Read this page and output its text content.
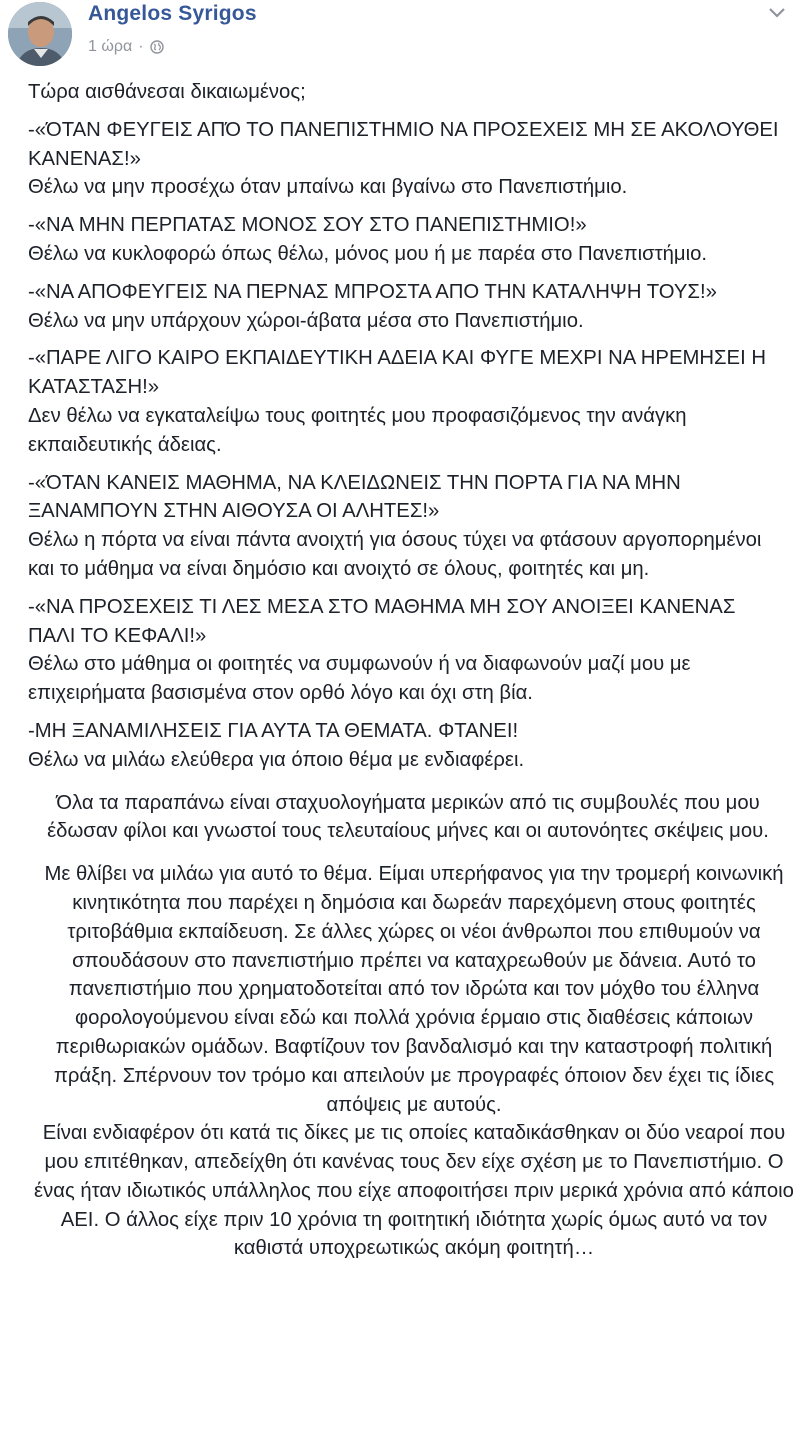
Angelos Syrigos
1 ώρα ·

Τώρα αισθάνεσαι δικαιωμένος;

-«ΌΤΑΝ ΦΕΥΓΕΙΣ ΑΠΌ ΤΟ ΠΑΝΕΠΙΣΤΗΜΙΟ ΝΑ ΠΡΟΣΕΧΕΙΣ ΜΗ ΣΕ ΑΚΟΛΟΥΘΕΙ ΚΑΝΕΝΑΣ!»

Θέλω να μην προσέχω όταν μπαίνω και βγαίνω στο Πανεπιστήμιο.

-«ΝΑ ΜΗΝ ΠΕΡΠΑΤΑΣ ΜΟΝΟΣ ΣΟΥ ΣΤΟ ΠΑΝΕΠΙΣΤΗΜΙΟ!»

Θέλω να κυκλοφορώ όπως θέλω, μόνος μου ή με παρέα στο Πανεπιστήμιο.

-«ΝΑ ΑΠΟΦΕΥΓΕΙΣ ΝΑ ΠΕΡΝΑΣ ΜΠΡΟΣΤΑ ΑΠΟ ΤΗΝ ΚΑΤΑΛΗΨΗ ΤΟΥΣ!»

Θέλω να μην υπάρχουν χώροι-άβατα μέσα στο Πανεπιστήμιο.

-«ΠΑΡΕ ΛΙΓΟ ΚΑΙΡΟ ΕΚΠΑΙΔΕΥΤΙΚΗ ΑΔΕΙΑ ΚΑΙ ΦΥΓΕ ΜΕΧΡΙ ΝΑ ΗΡΕΜΗΣΕΙ Η ΚΑΤΑΣΤΑΣΗ!»

Δεν θέλω να εγκαταλείψω τους φοιτητές μου προφασιζόμενος την ανάγκη εκπαιδευτικής άδειας.

-«ΌΤΑΝ ΚΑΝΕΙΣ ΜΑΘΗΜΑ, ΝΑ ΚΛΕΙΔΩΝΕΙΣ ΤΗΝ ΠΟΡΤΑ ΓΙΑ ΝΑ ΜΗΝ ΞΑΝΑΜΠΟΥΝ ΣΤΗΝ ΑΙΘΟΥΣΑ ΟΙ ΑΛΗΤΕΣ!»

Θέλω η πόρτα να είναι πάντα ανοιχτή για όσους τύχει να φτάσουν αργοπορημένοι και το μάθημα να είναι δημόσιο και ανοιχτό σε όλους, φοιτητές και μη.

-«ΝΑ ΠΡΟΣΕΧΕΙΣ ΤΙ ΛΕΣ ΜΕΣΑ ΣΤΟ ΜΑΘΗΜΑ ΜΗ ΣΟΥ ΑΝΟΙΞΕΙ ΚΑΝΕΝΑΣ ΠΑΛΙ ΤΟ ΚΕΦΑΛΙ!»

Θέλω στο μάθημα οι φοιτητές να συμφωνούν ή να διαφωνούν μαζί μου με επιχειρήματα βασισμένα στον ορθό λόγο και όχι στη βία.

-ΜΗ ΞΑΝΑΜΙΛΗΣΕΙΣ ΓΙΑ ΑΥΤΑ ΤΑ ΘΕΜΑΤΑ. ΦΤΑΝΕΙ!

Θέλω να μιλάω ελεύθερα για όποιο θέμα με ενδιαφέρει.

Όλα τα παραπάνω είναι σταχυολογήματα μερικών από τις συμβουλές που μου έδωσαν φίλοι και γνωστοί τους τελευταίους μήνες και οι αυτονόητες σκέψεις μου.

Με θλίβει να μιλάω για αυτό το θέμα. Είμαι υπερήφανος για την τρομερή κοινωνική κινητικότητα που παρέχει η δημόσια και δωρεάν παρεχόμενη στους φοιτητές τριτοβάθμια εκπαίδευση. Σε άλλες χώρες οι νέοι άνθρωποι που επιθυμούν να σπουδάσουν στο πανεπιστήμιο πρέπει να καταχρεωθούν με δάνεια. Αυτό το πανεπιστήμιο που χρηματοδοτείται από τον ιδρώτα και τον μόχθο του έλληνα φορολογούμενου είναι εδώ και πολλά χρόνια έρμαιο στις διαθέσεις κάποιων περιθωριακών ομάδων. Βαφτίζουν τον βανδαλισμό και την καταστροφή πολιτική πράξη. Σπέρνουν τον τρόμο και απειλούν με προγραφές όποιον δεν έχει τις ίδιες απόψεις με αυτούς.

Είναι ενδιαφέρον ότι κατά τις δίκες με τις οποίες καταδικάσθηκαν οι δύο νεαροί που μου επιτέθηκαν, απεδείχθη ότι κανένας τους δεν είχε σχέση με το Πανεπιστήμιο. Ο ένας ήταν ιδιωτικός υπάλληλος που είχε αποφοιτήσει πριν μερικά χρόνια από κάποιο ΑΕΙ. Ο άλλος είχε πριν 10 χρόνια τη φοιτητική ιδιότητα χωρίς όμως αυτό να τον καθιστά υποχρεωτικώς ακόμη φοιτητή…
